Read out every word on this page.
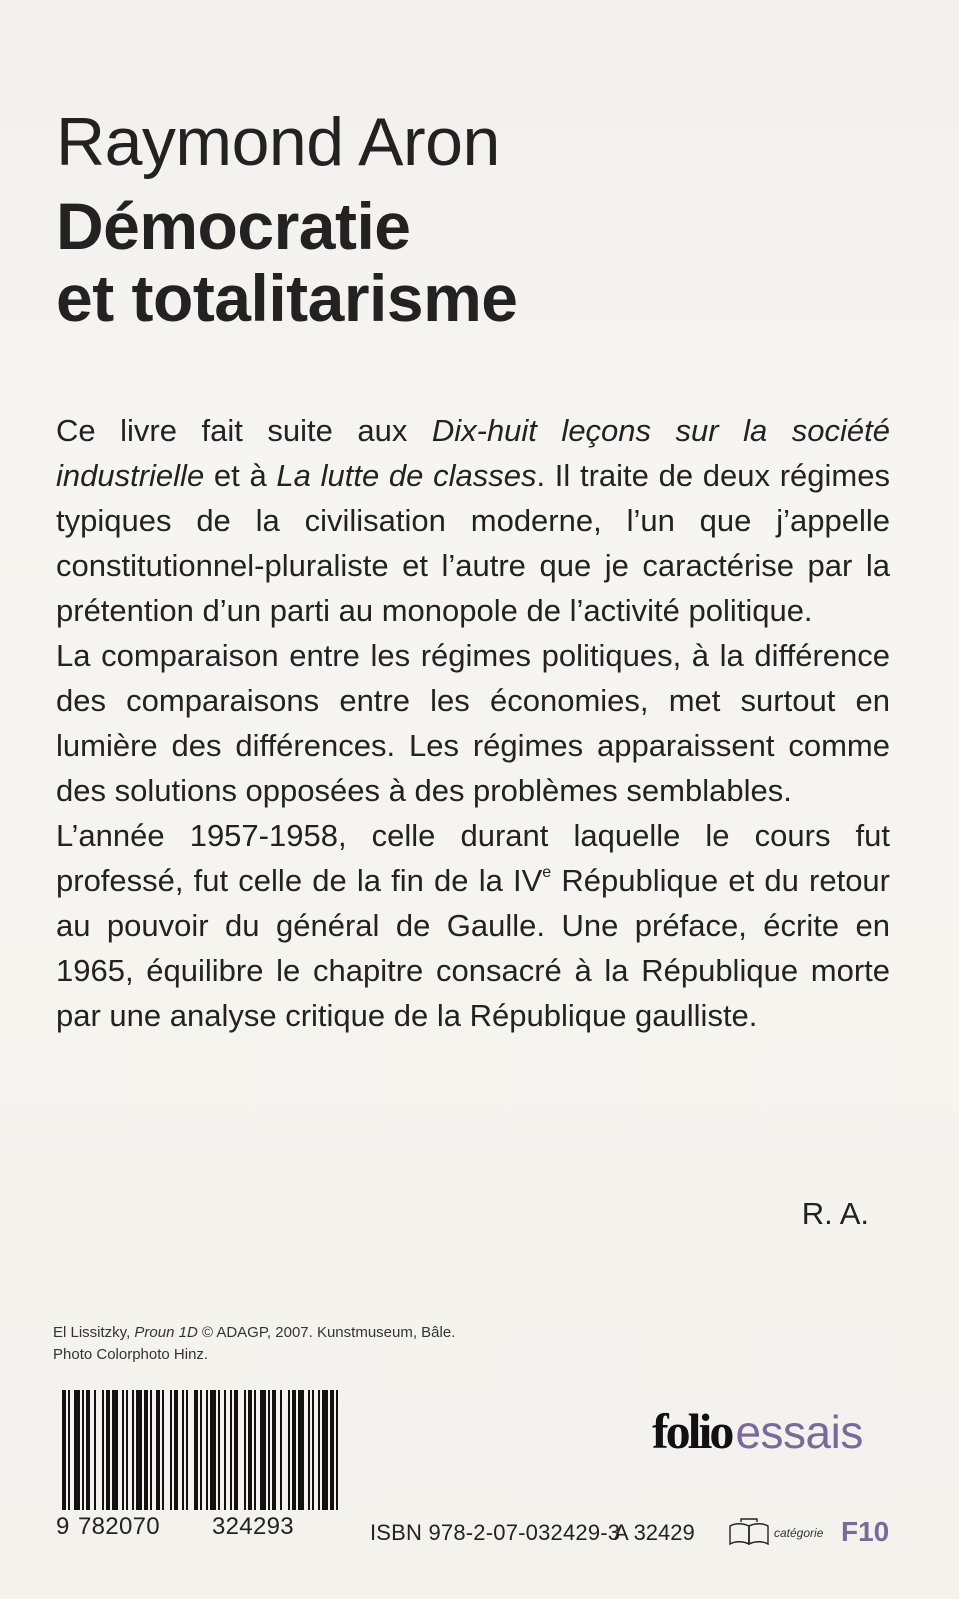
Raymond Aron
Démocratie
et totalitarisme

Ce livre fait suite aux Dix-huit leçons sur la société industrielle et à La lutte de classes. Il traite de deux régimes typiques de la civilisation moderne, l’un que j’appelle constitutionnel-pluraliste et l’autre que je caractérise par la prétention d’un parti au monopole de l’activité politique.

La comparaison entre les régimes politiques, à la différence des comparaisons entre les économies, met surtout en lumière des différences. Les régimes apparaissent comme des solutions opposées à des problèmes semblables.

L’année 1957-1958, celle durant laquelle le cours fut professé, fut celle de la fin de la IVe République et du retour au pouvoir du général de Gaulle. Une préface, écrite en 1965, équilibre le chapitre consacré à la République morte par une analyse critique de la République gaulliste.

R. A.
El Lissitzky, Proun 1D © ADAGP, 2007. Kunstmuseum, Bâle.
Photo Colorphoto Hinz.
9 782070 324293
folioessais
ISBN 978-2-07-032429-3
A 32429	catégorie F10
